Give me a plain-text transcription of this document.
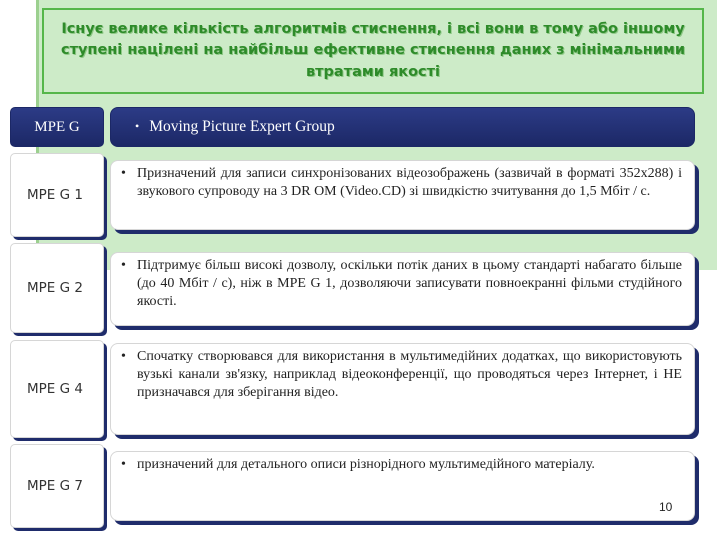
Існує велике кількість алгоритмів стиснення, і всі вони в тому або іншому ступені націлені на найбільш ефективне стиснення даних з мінімальними втратами якості
MPE G	• Moving Picture Expert Group
MPE G 1
• Призначений для записи синхронізованих відеозображень (зазвичай в форматі 352х288) і звукового супроводу на 3 DR OM (Video.CD) зі швидкістю зчитування до 1,5 Мбіт / с.
MPE G 2
• Підтримує більш високі дозволу, оскільки потік даних в цьому стандарті набагато більше (до 40 Мбіт / с), ніж в MPE G 1, дозволяючи записувати повноекранні фільми студійного якості.
MPE G 4
• Спочатку створювався для використання в мультимедійних додатках, що використовують вузькі канали зв'язку, наприклад відеоконференції, що проводяться через Інтернет, і НЕ призначався для зберігання відео.
MPE G 7
• призначений для детального описи різнорідного мультимедійного матеріалу.
10
